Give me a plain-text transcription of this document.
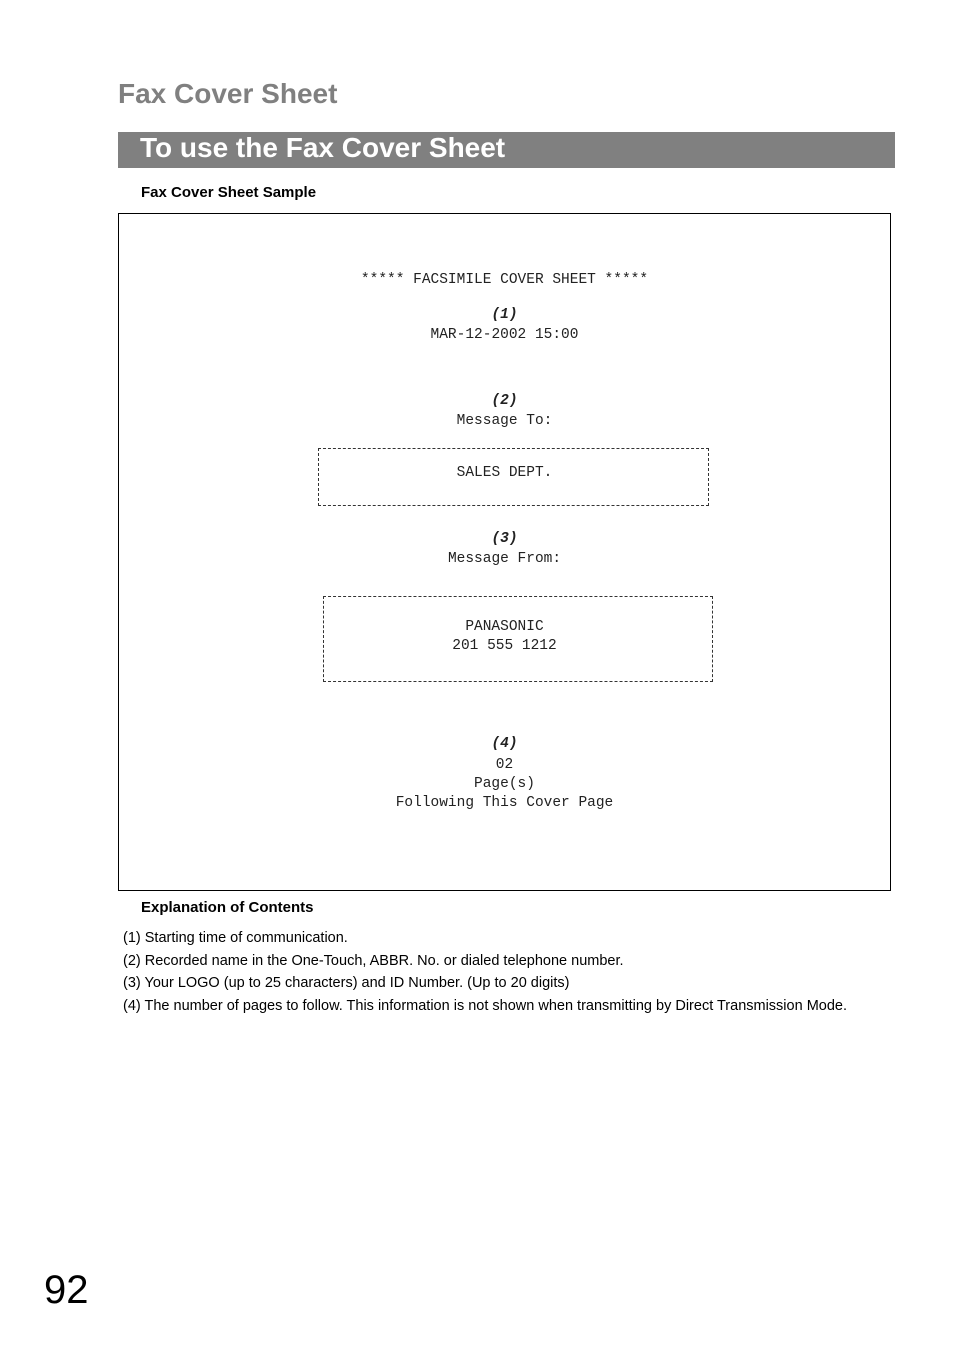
Fax Cover Sheet
To use the Fax Cover Sheet
Fax Cover Sheet Sample
***** FACSIMILE COVER SHEET *****
(1)
MAR-12-2002 15:00
(2)
Message To:
SALES DEPT.
(3)
Message From:
PANASONIC
201 555 1212
(4)
02
Page(s)
Following This Cover Page
Explanation of Contents
(1) Starting time of communication.
(2) Recorded name in the One-Touch, ABBR. No. or dialed telephone number.
(3) Your LOGO (up to 25 characters) and ID Number. (Up to 20 digits)
(4) The number of pages to follow. This information is not shown when transmitting by Direct Transmission Mode.
92
